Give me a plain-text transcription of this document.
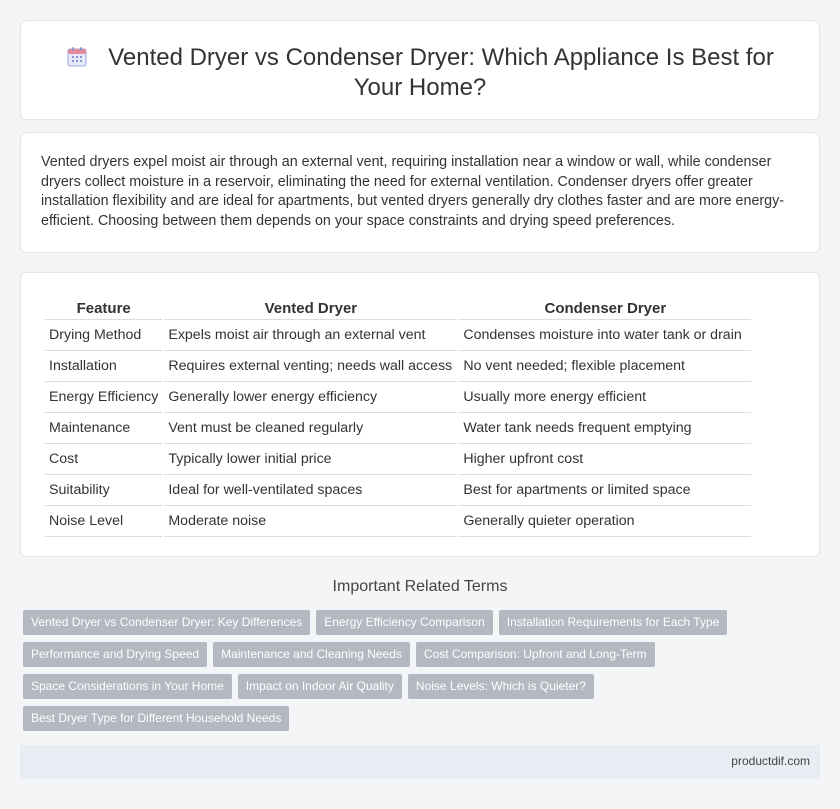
Vented Dryer vs Condenser Dryer: Which Appliance Is Best for Your Home?

Vented dryers expel moist air through an external vent, requiring installation near a window or wall, while condenser dryers collect moisture in a reservoir, eliminating the need for external ventilation. Condenser dryers offer greater installation flexibility and are ideal for apartments, but vented dryers generally dry clothes faster and are more energy-efficient. Choosing between them depends on your space constraints and drying speed preferences.

Feature	Vented Dryer	Condenser Dryer
Drying Method	Expels moist air through an external vent	Condenses moisture into water tank or drain
Installation	Requires external venting; needs wall access	No vent needed; flexible placement
Energy Efficiency	Generally lower energy efficiency	Usually more energy efficient
Maintenance	Vent must be cleaned regularly	Water tank needs frequent emptying
Cost	Typically lower initial price	Higher upfront cost
Suitability	Ideal for well-ventilated spaces	Best for apartments or limited space
Noise Level	Moderate noise	Generally quieter operation
Important Related Terms
Vented Dryer vs Condenser Dryer: Key Differences Energy Efficiency Comparison Installation Requirements for Each Type
Performance and Drying Speed Maintenance and Cleaning Needs Cost Comparison: Upfront and Long-Term
Space Considerations in Your Home Impact on Indoor Air Quality Noise Levels: Which is Quieter?
Best Dryer Type for Different Household Needs
productdif.com
